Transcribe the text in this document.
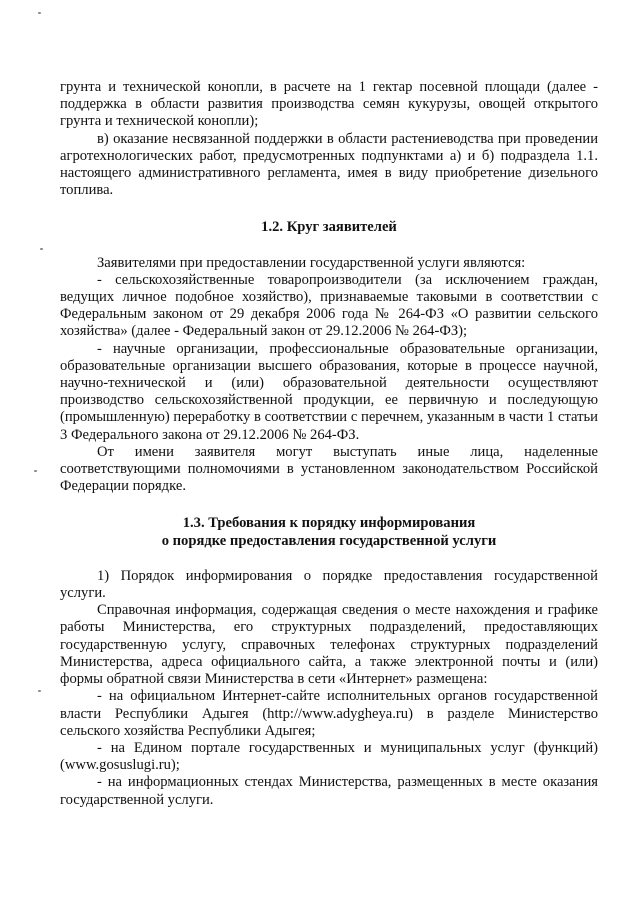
грунта и технической конопли, в расчете на 1 гектар посевной площади (далее - поддержка в области развития производства семян кукурузы, овощей открытого грунта и технической конопли);

в) оказание несвязанной поддержки в области растениеводства при проведении агротехнологических работ, предусмотренных подпунктами а) и б) подраздела 1.1. настоящего административного регламента, имея в виду приобретение дизельного топлива.

1.2. Круг заявителей

Заявителями при предоставлении государственной услуги являются:

- сельскохозяйственные товаропроизводители (за исключением граждан, ведущих личное подобное хозяйство), признаваемые таковыми в соответствии с Федеральным законом от 29 декабря 2006 года № 264-ФЗ «О развитии сельского хозяйства» (далее - Федеральный закон от 29.12.2006 № 264-ФЗ);

- научные организации, профессиональные образовательные организации, образовательные организации высшего образования, которые в процессе научной, научно-технической и (или) образовательной деятельности осуществляют производство сельскохозяйственной продукции, ее первичную и последующую (промышленную) переработку в соответствии с перечнем, указанным в части 1 статьи 3 Федерального закона от 29.12.2006 № 264-ФЗ.

От имени заявителя могут выступать иные лица, наделенные соответствующими полномочиями в установленном законодательством Российской Федерации порядке.

1.3. Требования к порядку информирования

о порядке предоставления государственной услуги

1) Порядок информирования о порядке предоставления государственной услуги.

Справочная информация, содержащая сведения о месте нахождения и графике работы Министерства, его структурных подразделений, предоставляющих государственную услугу, справочных телефонах структурных подразделений Министерства, адреса официального сайта, а также электронной почты и (или) формы обратной связи Министерства в сети «Интернет» размещена:

- на официальном Интернет-сайте исполнительных органов государственной власти Республики Адыгея (http://www.adygheya.ru) в разделе Министерство сельского хозяйства Республики Адыгея;

- на Едином портале государственных и муниципальных услуг (функций) (www.gosuslugi.ru);

- на информационных стендах Министерства, размещенных в месте оказания государственной услуги.
